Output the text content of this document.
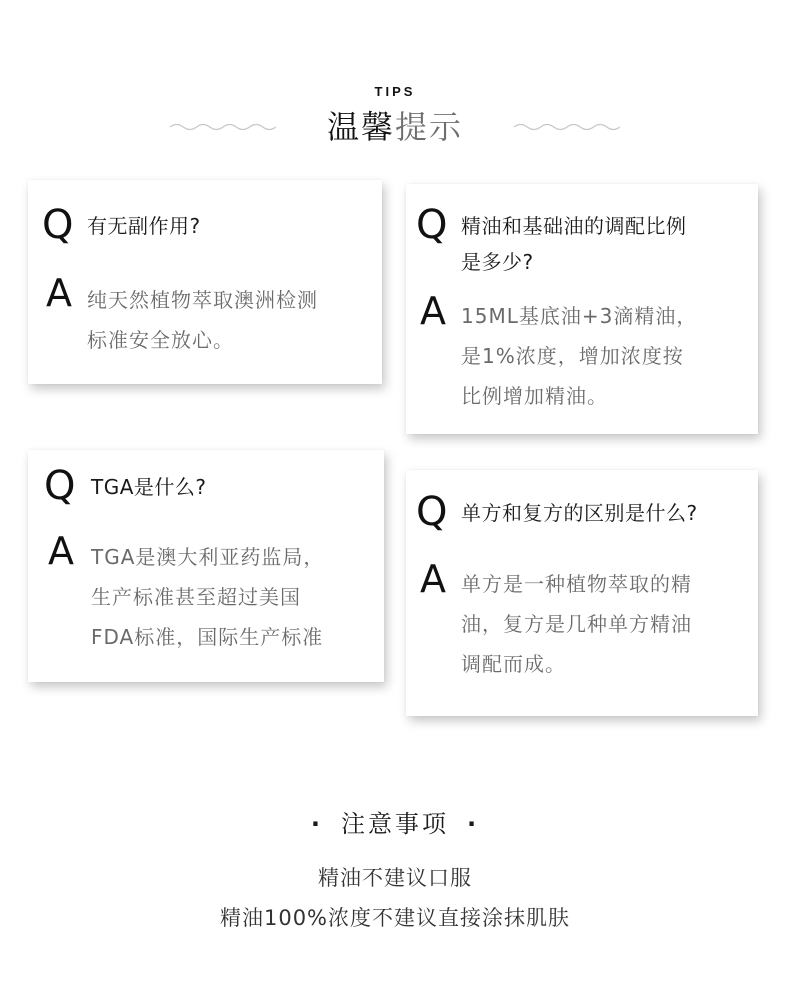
TIPS
温馨提示
Q 有无副作用?
A 纯天然植物萃取澳洲检测
标准安全放心。
Q 精油和基础油的调配比例
是多少?
A 15ML基底油+3滴精油，
是1%浓度，增加浓度按
比例增加精油。
Q TGA是什么?
A TGA是澳大利亚药监局，
生产标准甚至超过美国
FDA标准，国际生产标准
Q 单方和复方的区别是什么?
A 单方是一种植物萃取的精
油，复方是几种单方精油
调配而成。
· 注意事项 ·
精油不建议口服
精油100%浓度不建议直接涂抹肌肤
